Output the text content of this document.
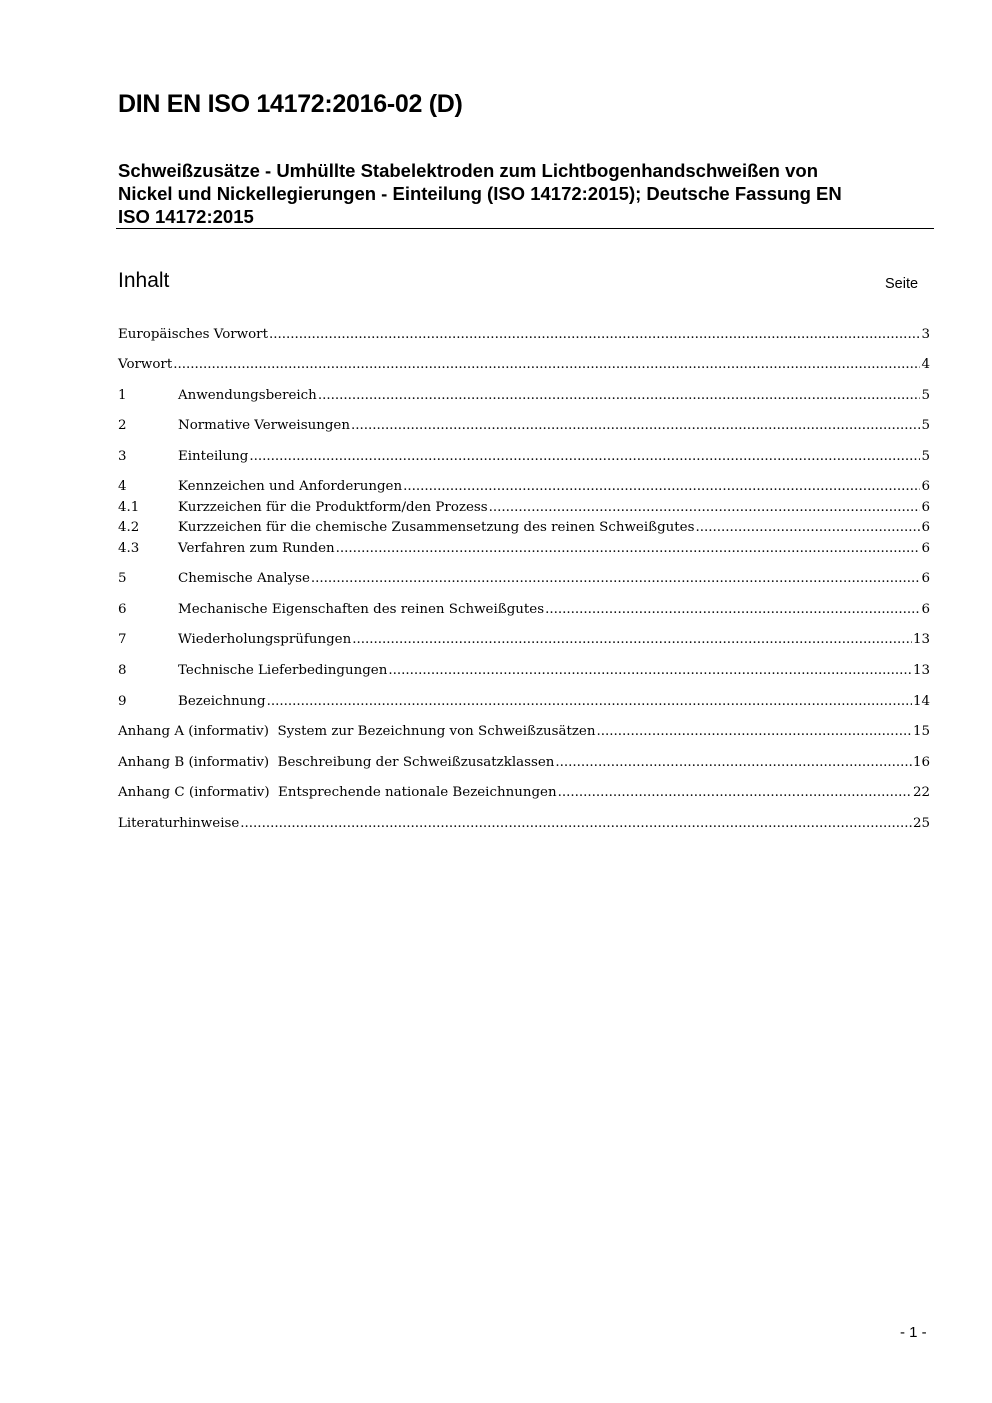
DIN EN ISO 14172:2016-02 (D)
Schweißzusätze - Umhüllte Stabelektroden zum Lichtbogenhandschweißen von
Nickel und Nickellegierungen - Einteilung (ISO 14172:2015); Deutsche Fassung EN
ISO 14172:2015
Inhalt	Seite
Europäisches Vorwort .....	3
Vorwort .....	4
1	Anwendungsbereich .....	5
2	Normative Verweisungen .....	5
3	Einteilung .....	5
4	Kennzeichen und Anforderungen .....	6
4.1	Kurzzeichen für die Produktform/den Prozess .....	6
4.2	Kurzzeichen für die chemische Zusammensetzung des reinen Schweißgutes .....	6
4.3	Verfahren zum Runden .....	6
5	Chemische Analyse .....	6
6	Mechanische Eigenschaften des reinen Schweißgutes .....	6
7	Wiederholungsprüfungen .....	13
8	Technische Lieferbedingungen .....	13
9	Bezeichnung .....	14
Anhang A (informativ)  System zur Bezeichnung von Schweißzusätzen .....	15
Anhang B (informativ)  Beschreibung der Schweißzusatzklassen .....	16
Anhang C (informativ)  Entsprechende nationale Bezeichnungen .....	22
Literaturhinweise .....	25
- 1 -
